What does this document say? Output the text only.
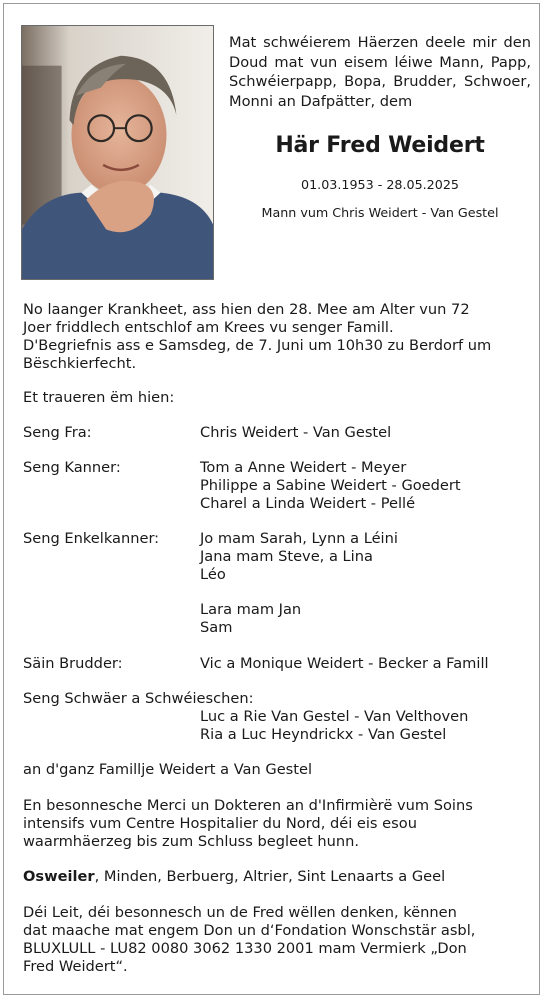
Mat schwéierem Häerzen deele mir den Doud mat vun eisem léiwe Mann, Papp, Schwéierpapp, Bopa, Brudder, Schwoer, Monni an Dafpätter, dem
Här Fred Weidert
01.03.1953 - 28.05.2025
Mann vum Chris Weidert - Van Gestel
No laanger Krankheet, ass hien den 28. Mee am Alter vun 72
Joer friddlech entschlof am Krees vu senger Famill.
D'Begriefnis ass e Samsdeg, de 7. Juni um 10h30 zu Berdorf um
Bëschkierfecht.
Et traueren ëm hien:
Seng Fra:	Chris Weidert - Van Gestel
Seng Kanner:	Tom a Anne Weidert - Meyer
Philippe a Sabine Weidert - Goedert
Charel a Linda Weidert - Pellé
Seng Enkelkanner:	Jo mam Sarah, Lynn a Léini
Jana mam Steve, a Lina
Léo
Lara mam Jan
Sam
Säin Brudder:	Vic a Monique Weidert - Becker a Famill
Seng Schwäer a Schwéieschen:
Luc a Rie Van Gestel - Van Velthoven
Ria a Luc Heyndrickx - Van Gestel
an d'ganz Famillje Weidert a Van Gestel
En besonnesche Merci un Dokteren an d'Infirmièrë vum Soins
intensifs vum Centre Hospitalier du Nord, déi eis esou
waarmhäerzeg bis zum Schluss begleet hunn.
Osweiler, Minden, Berbuerg, Altrier, Sint Lenaarts a Geel
Déi Leit, déi besonnesch un de Fred wëllen denken, kënnen
dat maache mat engem Don un d‘Fondation Wonschstär asbl,
BLUXLULL - LU82 0080 3062 1330 2001 mam Vermierk „Don
Fred Weidert“.
